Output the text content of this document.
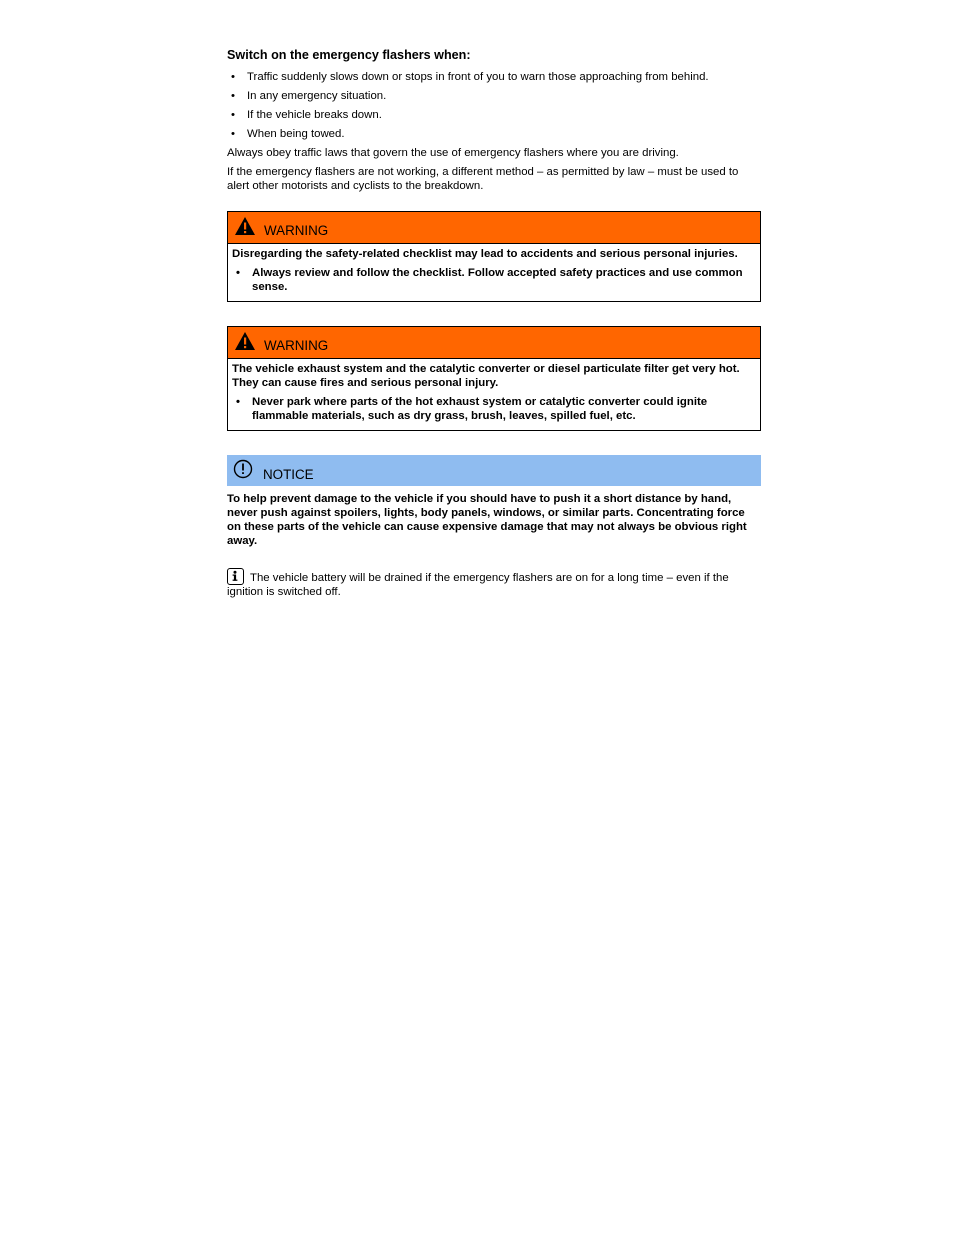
Switch on the emergency flashers when:
• Traffic suddenly slows down or stops in front of you to warn those approaching from behind.
• In any emergency situation.
• If the vehicle breaks down.
• When being towed.

Always obey traffic laws that govern the use of emergency flashers where you are driving.

If the emergency flashers are not working, a different method – as permitted by law – must be used to alert other motorists and cyclists to the breakdown.

WARNING

Disregarding the safety-related checklist may lead to accidents and serious personal injuries.

• Always review and follow the checklist. Follow accepted safety practices and use common sense.

WARNING

The vehicle exhaust system and the catalytic converter or diesel particulate filter get very hot. They can cause fires and serious personal injury.

• Never park where parts of the hot exhaust system or catalytic converter could ignite flammable materials, such as dry grass, brush, leaves, spilled fuel, etc.

NOTICE

To help prevent damage to the vehicle if you should have to push it a short distance by hand, never push against spoilers, lights, body panels, windows, or similar parts. Concentrating force on these parts of the vehicle can cause expensive damage that may not always be obvious right away.

The vehicle battery will be drained if the emergency flashers are on for a long time – even if the ignition is switched off.
